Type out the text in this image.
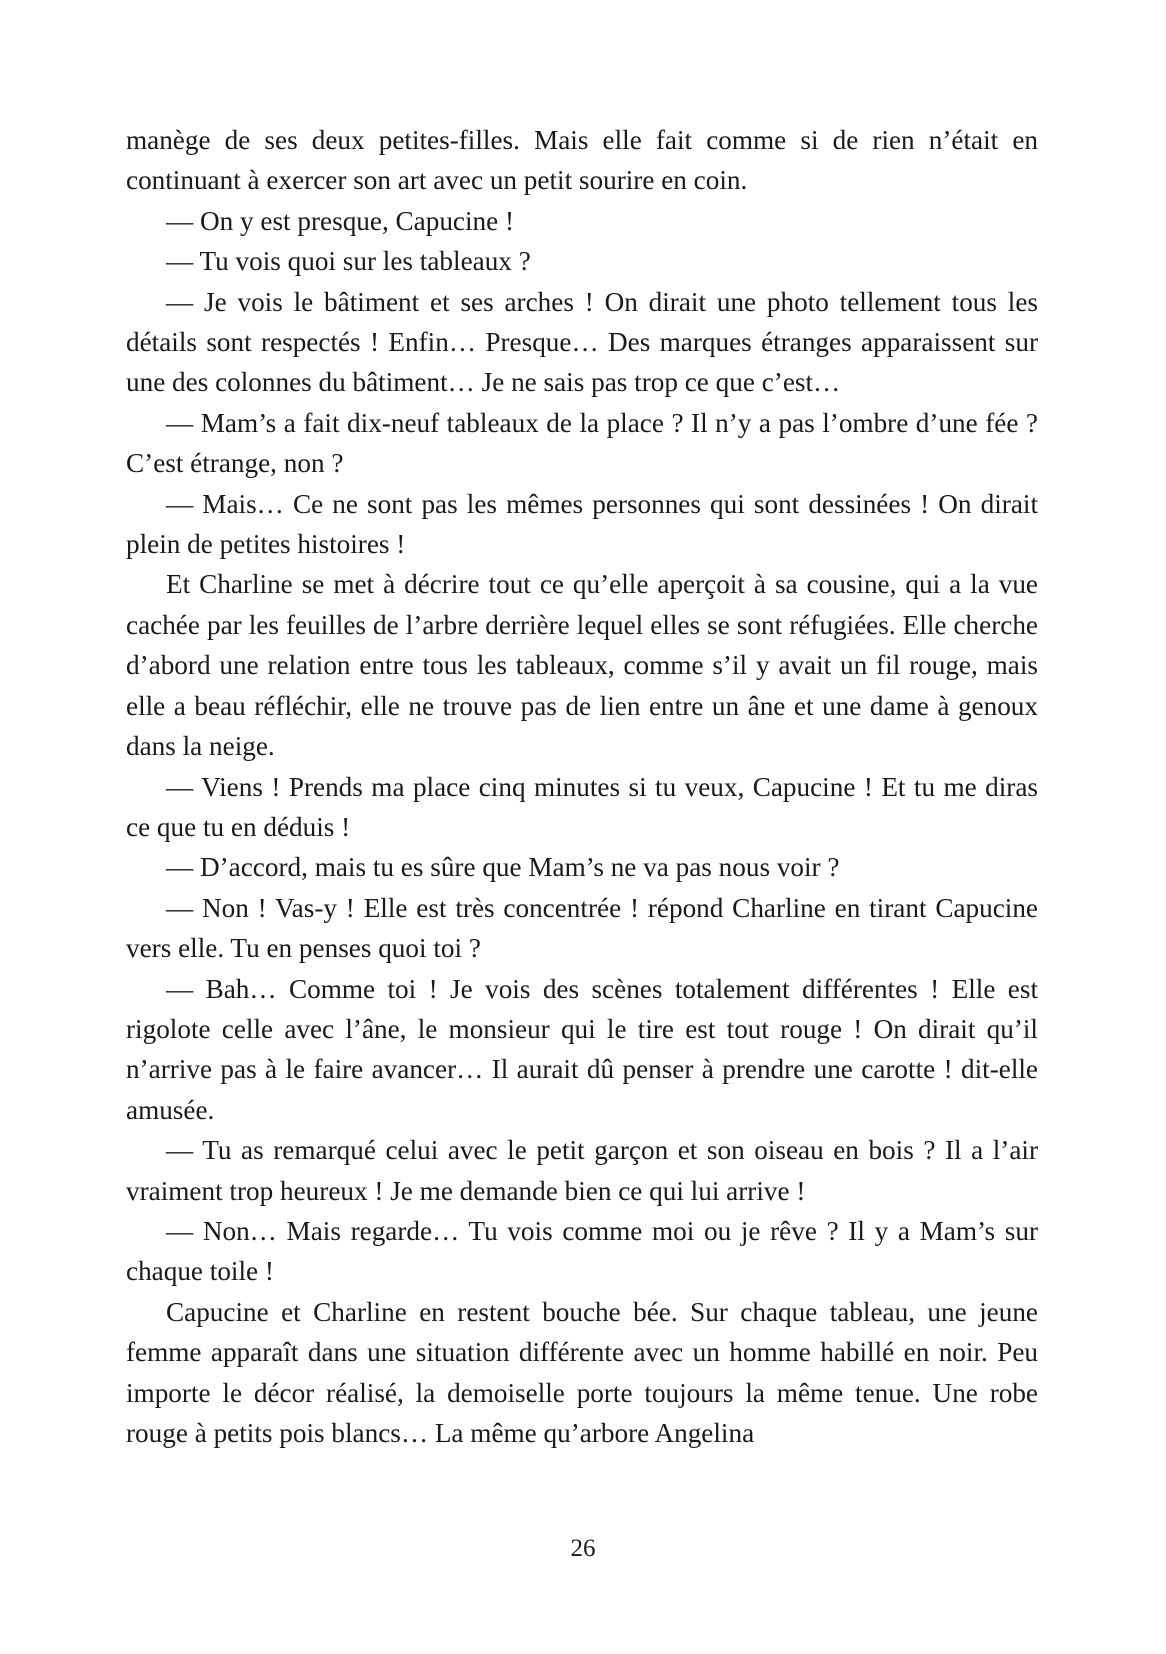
manège de ses deux petites-filles. Mais elle fait comme si de rien n’était en continuant à exercer son art avec un petit sourire en coin.

— On y est presque, Capucine !

— Tu vois quoi sur les tableaux ?

— Je vois le bâtiment et ses arches ! On dirait une photo tellement tous les détails sont respectés ! Enfin… Presque… Des marques étranges apparaissent sur une des colonnes du bâtiment… Je ne sais pas trop ce que c’est…

— Mam’s a fait dix-neuf tableaux de la place ? Il n’y a pas l’ombre d’une fée ? C’est étrange, non ?

— Mais… Ce ne sont pas les mêmes personnes qui sont dessinées ! On dirait plein de petites histoires !

Et Charline se met à décrire tout ce qu’elle aperçoit à sa cousine, qui a la vue cachée par les feuilles de l’arbre derrière lequel elles se sont réfugiées. Elle cherche d’abord une relation entre tous les tableaux, comme s’il y avait un fil rouge, mais elle a beau réfléchir, elle ne trouve pas de lien entre un âne et une dame à genoux dans la neige.

— Viens ! Prends ma place cinq minutes si tu veux, Capucine ! Et tu me diras ce que tu en déduis !

— D’accord, mais tu es sûre que Mam’s ne va pas nous voir ?

— Non ! Vas-y ! Elle est très concentrée ! répond Charline en tirant Capucine vers elle. Tu en penses quoi toi ?

— Bah… Comme toi ! Je vois des scènes totalement différentes ! Elle est rigolote celle avec l’âne, le monsieur qui le tire est tout rouge ! On dirait qu’il n’arrive pas à le faire avancer… Il aurait dû penser à prendre une carotte ! dit-elle amusée.

— Tu as remarqué celui avec le petit garçon et son oiseau en bois ? Il a l’air vraiment trop heureux ! Je me demande bien ce qui lui arrive !

— Non… Mais regarde… Tu vois comme moi ou je rêve ? Il y a Mam’s sur chaque toile !

Capucine et Charline en restent bouche bée. Sur chaque tableau, une jeune femme apparaît dans une situation différente avec un homme habillé en noir. Peu importe le décor réalisé, la demoiselle porte toujours la même tenue. Une robe rouge à petits pois blancs… La même qu’arbore Angelina

26
